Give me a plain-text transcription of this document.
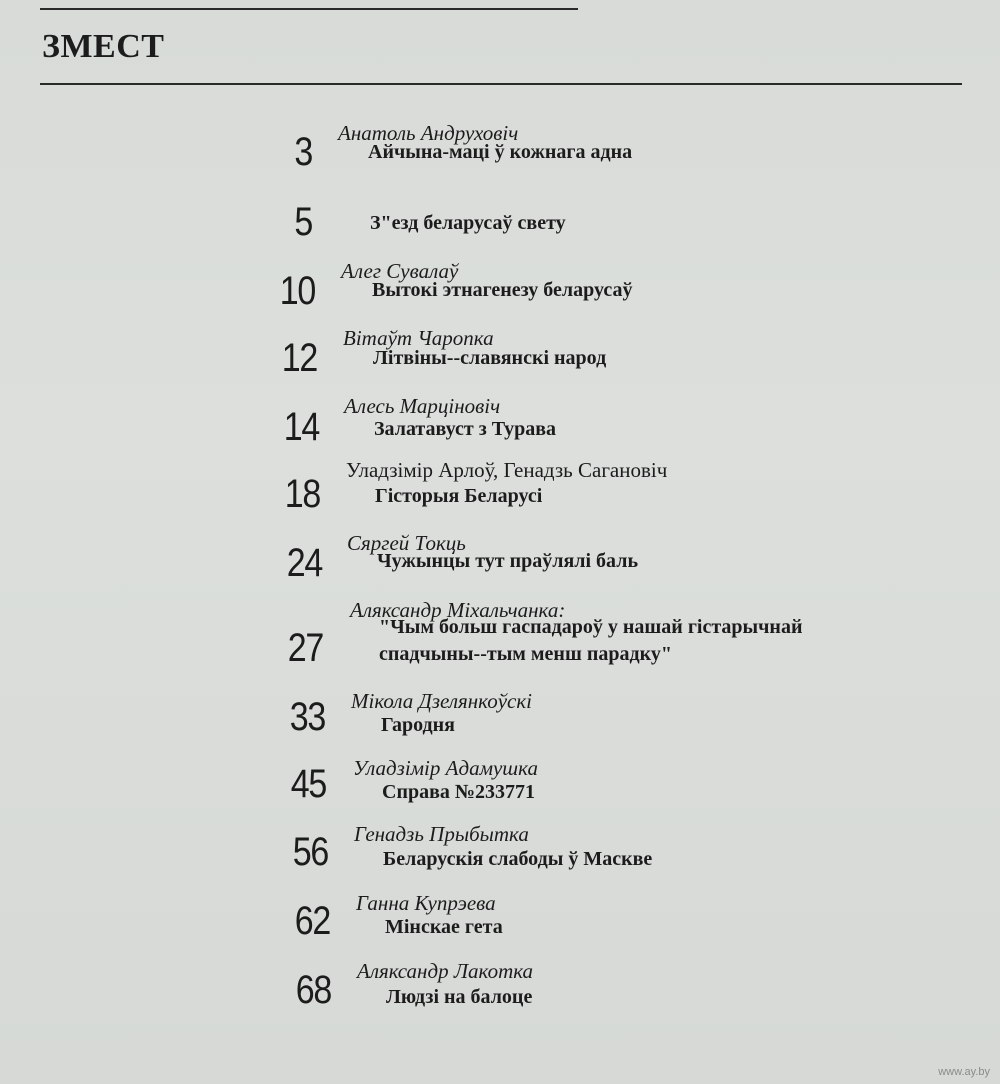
ЗМЕСТ
3 Анатоль Андруховіч
Айчына-маці ў кожнага адна
5	З"езд беларусаў свету
10 Алег Сувалаў
Вытокі этнагенезу беларусаў
12 Вітаўт Чаропка
Літвіны--славянскі народ
14 Алесь Марціновіч
Залатавуст з Турава
18
Уладзімір Арлоў, Генадзь Сагановіч
Гісторыя Беларусі
24 Сяргей Токць
Чужынцы тут праўлялі баль
27
Аляксандр Міхальчанка:
"Чым больш гаспадароў у нашай гістарычнай
спадчыны--тым менш парадку"
33 Мікола Дзелянкоўскі
Гародня
45 Уладзімір Адамушка
Справа №233771
56 Генадзь Прыбытка
Беларускія слабоды ў Маскве
62 Ганна Купрэева
Мінскае гета
68 Аляксандр Лакотка
Людзі на балоце
www.ay.by
